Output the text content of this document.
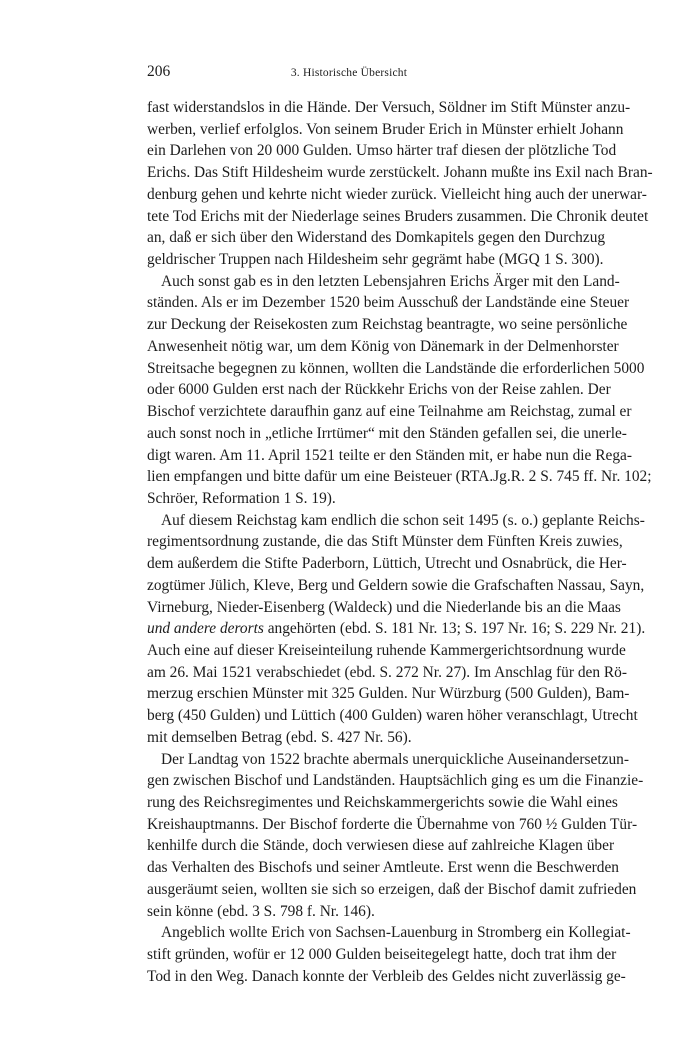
206	3. Historische Übersicht
fast widerstandslos in die Hände. Der Versuch, Söldner im Stift Münster anzu-
werben, verlief erfolglos. Von seinem Bruder Erich in Münster erhielt Johann
ein Darlehen von 20 000 Gulden. Umso härter traf diesen der plötzliche Tod
Erichs. Das Stift Hildesheim wurde zerstückelt. Johann mußte ins Exil nach Bran-
denburg gehen und kehrte nicht wieder zurück. Vielleicht hing auch der unerwar-
tete Tod Erichs mit der Niederlage seines Bruders zusammen. Die Chronik deutet
an, daß er sich über den Widerstand des Domkapitels gegen den Durchzug
geldrischer Truppen nach Hildesheim sehr gegrämt habe (MGQ 1 S. 300).
Auch sonst gab es in den letzten Lebensjahren Erichs Ärger mit den Land-
ständen. Als er im Dezember 1520 beim Ausschuß der Landstände eine Steuer
zur Deckung der Reisekosten zum Reichstag beantragte, wo seine persönliche
Anwesenheit nötig war, um dem König von Dänemark in der Delmenhorster
Streitsache begegnen zu können, wollten die Landstände die erforderlichen 5000
oder 6000 Gulden erst nach der Rückkehr Erichs von der Reise zahlen. Der
Bischof verzichtete daraufhin ganz auf eine Teilnahme am Reichstag, zumal er
auch sonst noch in „etliche Irrtümer“ mit den Ständen gefallen sei, die unerle-
digt waren. Am 11. April 1521 teilte er den Ständen mit, er habe nun die Rega-
lien empfangen und bitte dafür um eine Beisteuer (RTA.Jg.R. 2 S. 745 ff. Nr. 102;
Schröer, Reformation 1 S. 19).
Auf diesem Reichstag kam endlich die schon seit 1495 (s. o.) geplante Reichs-
regimentsordnung zustande, die das Stift Münster dem Fünften Kreis zuwies,
dem außerdem die Stifte Paderborn, Lüttich, Utrecht und Osnabrück, die Her-
zogtümer Jülich, Kleve, Berg und Geldern sowie die Grafschaften Nassau, Sayn,
Virneburg, Nieder-Eisenberg (Waldeck) und die Niederlande bis an die Maas
und andere derorts angehörten (ebd. S. 181 Nr. 13; S. 197 Nr. 16; S. 229 Nr. 21).
Auch eine auf dieser Kreiseinteilung ruhende Kammergerichtsordnung wurde
am 26. Mai 1521 verabschiedet (ebd. S. 272 Nr. 27). Im Anschlag für den Rö-
merzug erschien Münster mit 325 Gulden. Nur Würzburg (500 Gulden), Bam-
berg (450 Gulden) und Lüttich (400 Gulden) waren höher veranschlagt, Utrecht
mit demselben Betrag (ebd. S. 427 Nr. 56).
Der Landtag von 1522 brachte abermals unerquickliche Auseinandersetzun-
gen zwischen Bischof und Landständen. Hauptsächlich ging es um die Finanzie-
rung des Reichsregimentes und Reichskammergerichts sowie die Wahl eines
Kreishauptmanns. Der Bischof forderte die Übernahme von 760 ½ Gulden Tür-
kenhilfe durch die Stände, doch verwiesen diese auf zahlreiche Klagen über
das Verhalten des Bischofs und seiner Amtleute. Erst wenn die Beschwerden
ausgeräumt seien, wollten sie sich so erzeigen, daß der Bischof damit zufrieden
sein könne (ebd. 3 S. 798 f. Nr. 146).
Angeblich wollte Erich von Sachsen-Lauenburg in Stromberg ein Kollegiat-
stift gründen, wofür er 12 000 Gulden beiseitegelegt hatte, doch trat ihm der
Tod in den Weg. Danach konnte der Verbleib des Geldes nicht zuverlässig ge-
